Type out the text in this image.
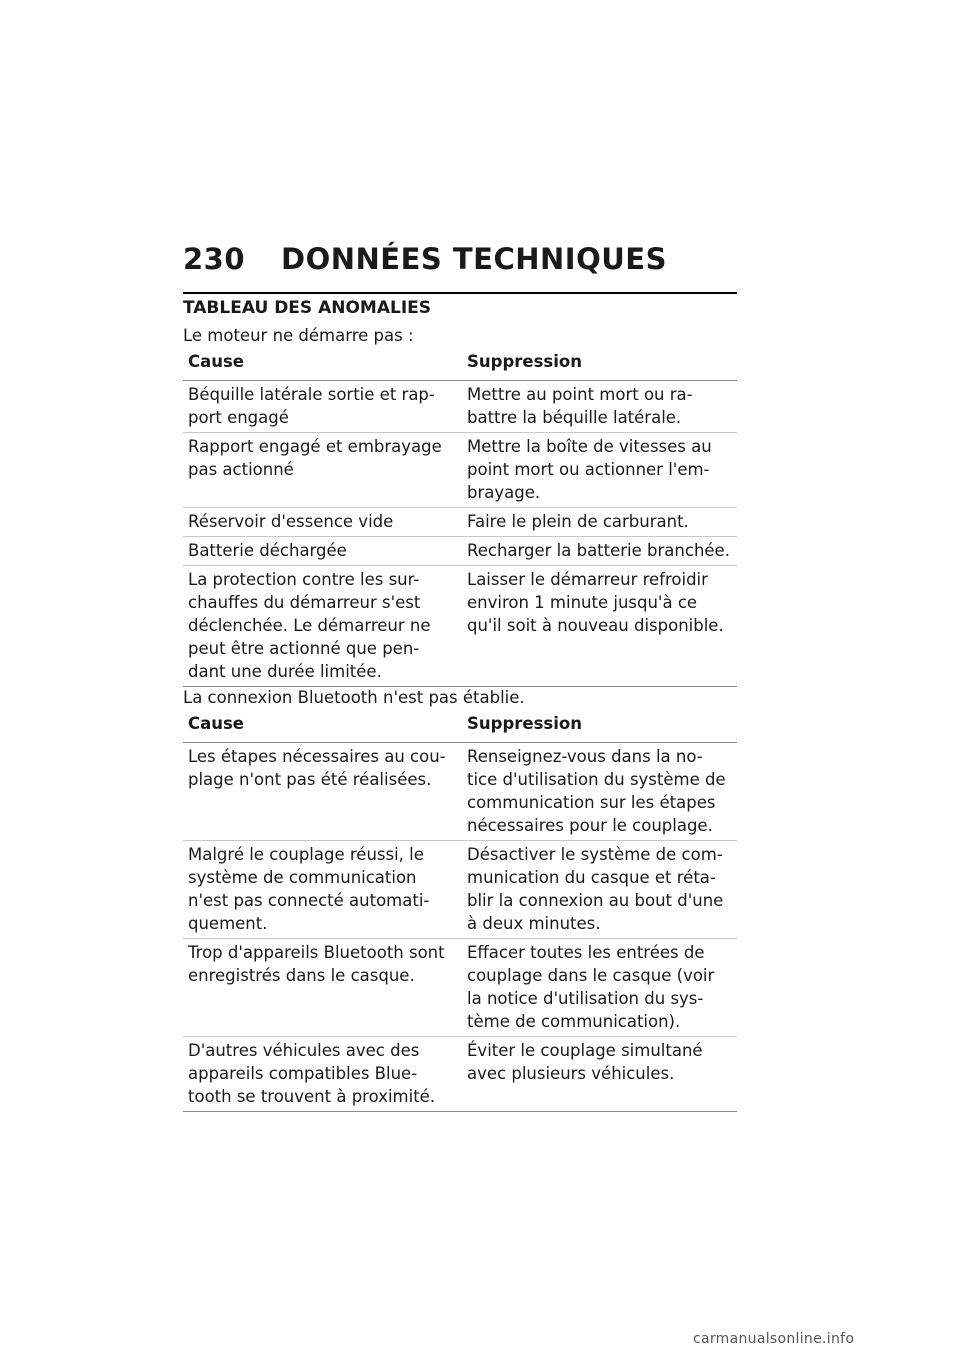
230	DONNÉES TECHNIQUES
TABLEAU DES ANOMALIES
Le moteur ne démarre pas :
Cause	Suppression
Béquille latérale sortie et rap-port engagé	Mettre au point mort ou ra-battre la béquille latérale.
Rapport engagé et embrayage pas actionné	Mettre la boîte de vitesses au point mort ou actionner l'em-brayage.
Réservoir d'essence vide	Faire le plein de carburant.
Batterie déchargée	Recharger la batterie branchée.
La protection contre les sur-chauffes du démarreur s'est déclenchée. Le démarreur ne peut être actionné que pen-dant une durée limitée.	Laisser le démarreur refroidir environ 1 minute jusqu'à ce qu'il soit à nouveau disponible.
La connexion Bluetooth n'est pas établie.
Cause	Suppression
Les étapes nécessaires au cou-plage n'ont pas été réalisées.	Renseignez-vous dans la no-tice d'utilisation du système de communication sur les étapes nécessaires pour le couplage.
Malgré le couplage réussi, le système de communication n'est pas connecté automati-quement.	Désactiver le système de com-munication du casque et réta-blir la connexion au bout d'une à deux minutes.
Trop d'appareils Bluetooth sont enregistrés dans le casque.	Effacer toutes les entrées de couplage dans le casque (voir la notice d'utilisation du sys-tème de communication).
D'autres véhicules avec des appareils compatibles Blue-tooth se trouvent à proximité.	Éviter le couplage simultané avec plusieurs véhicules.
carmanualsonline.info
